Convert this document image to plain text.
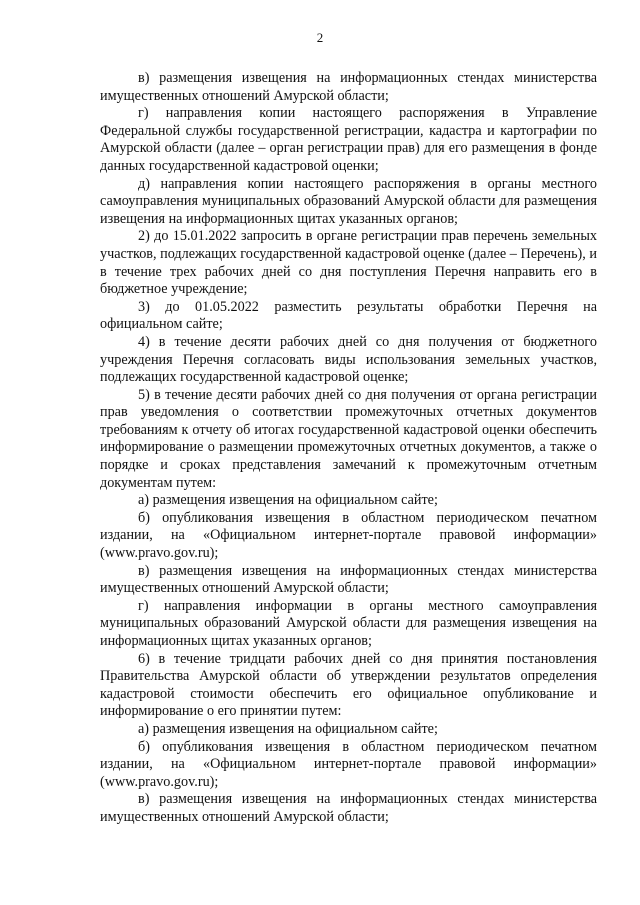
2

в) размещения извещения на информационных стендах министерства имущественных отношений Амурской области;

г) направления копии настоящего распоряжения в Управление Федеральной службы государственной регистрации, кадастра и картографии по Амурской области (далее – орган регистрации прав) для его размещения в фонде данных государственной кадастровой оценки;

д) направления копии настоящего распоряжения в органы местного самоуправления муниципальных образований Амурской области для размещения извещения на информационных щитах указанных органов;

2) до 15.01.2022 запросить в органе регистрации прав перечень земельных участков, подлежащих государственной кадастровой оценке (далее – Перечень), и в течение трех рабочих дней со дня поступления Перечня направить его в бюджетное учреждение;

3) до 01.05.2022 разместить результаты обработки Перечня на официальном сайте;

4) в течение десяти рабочих дней со дня получения от бюджетного учреждения Перечня согласовать виды использования земельных участков, подлежащих государственной кадастровой оценке;

5) в течение десяти рабочих дней со дня получения от органа регистрации прав уведомления о соответствии промежуточных отчетных документов требованиям к отчету об итогах государственной кадастровой оценки обеспечить информирование о размещении промежуточных отчетных документов, а также о порядке и сроках представления замечаний к промежуточным отчетным документам путем:

а) размещения извещения на официальном сайте;

б) опубликования извещения в областном периодическом печатном издании, на «Официальном интернет-портале правовой информации» (www.pravo.gov.ru);

в) размещения извещения на информационных стендах министерства имущественных отношений Амурской области;

г) направления информации в органы местного самоуправления муниципальных образований Амурской области для размещения извещения на информационных щитах указанных органов;

6) в течение тридцати рабочих дней со дня принятия постановления Правительства Амурской области об утверждении результатов определения кадастровой стоимости обеспечить его официальное опубликование и информирование о его принятии путем:

а) размещения извещения на официальном сайте;

б) опубликования извещения в областном периодическом печатном издании, на «Официальном интернет-портале правовой информации» (www.pravo.gov.ru);

в) размещения извещения на информационных стендах министерства имущественных отношений Амурской области;
